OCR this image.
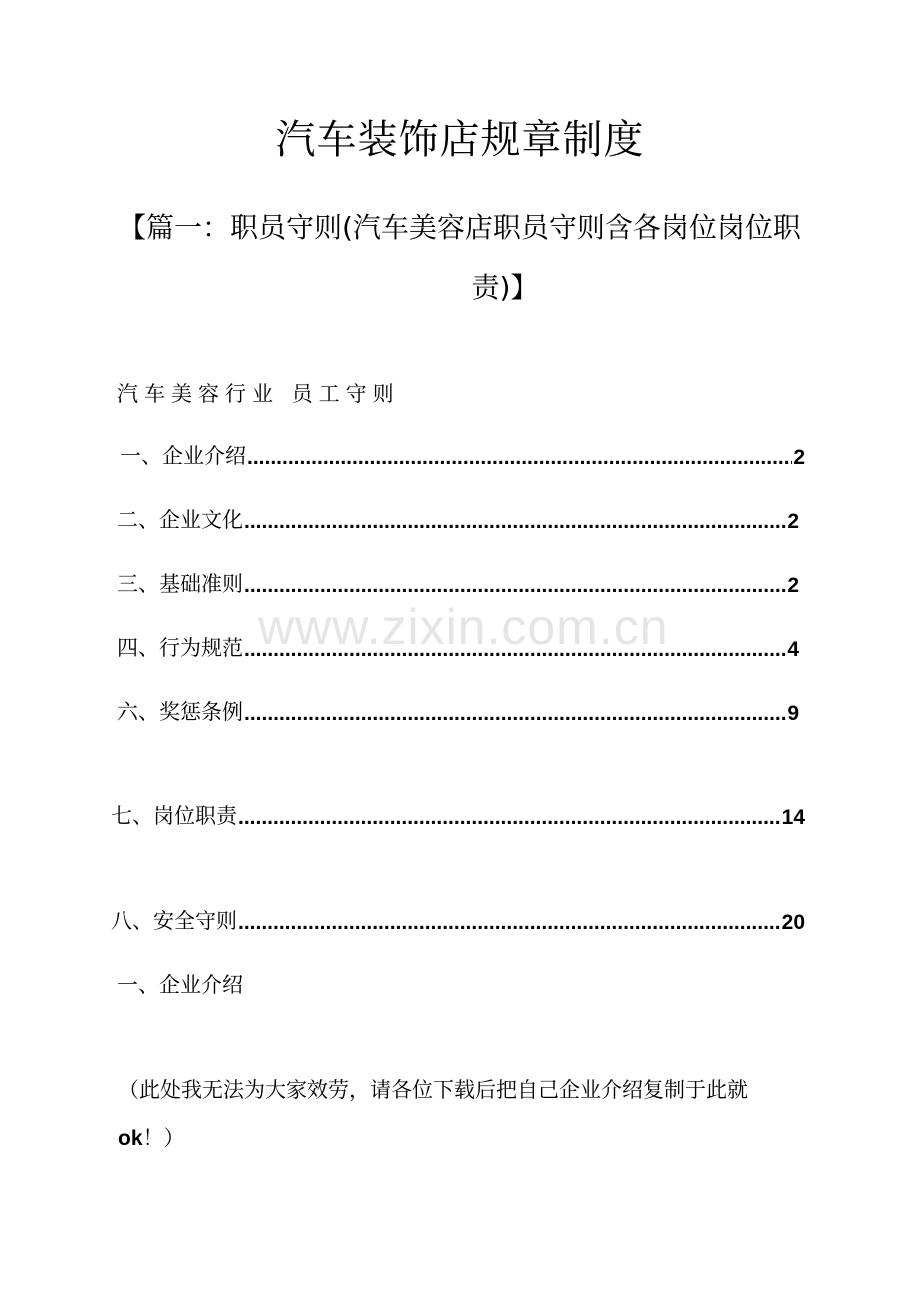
汽车装饰店规章制度
【篇一：职员守则(汽车美容店职员守则含各岗位岗位职
责)】
汽车美容行业 员工守则
一、企业介绍 .....	2
二、企业文化 .....	2
三、基础准则 .....	2
四、行为规范 .....	4
六、奖惩条例 .....	9
七、岗位职责 .....	14
八、安全守则 .....	20
一、企业介绍
（此处我无法为大家效劳，请各位下载后把自己企业介绍复制于此就
ok！）
www.zixin.com.cn
